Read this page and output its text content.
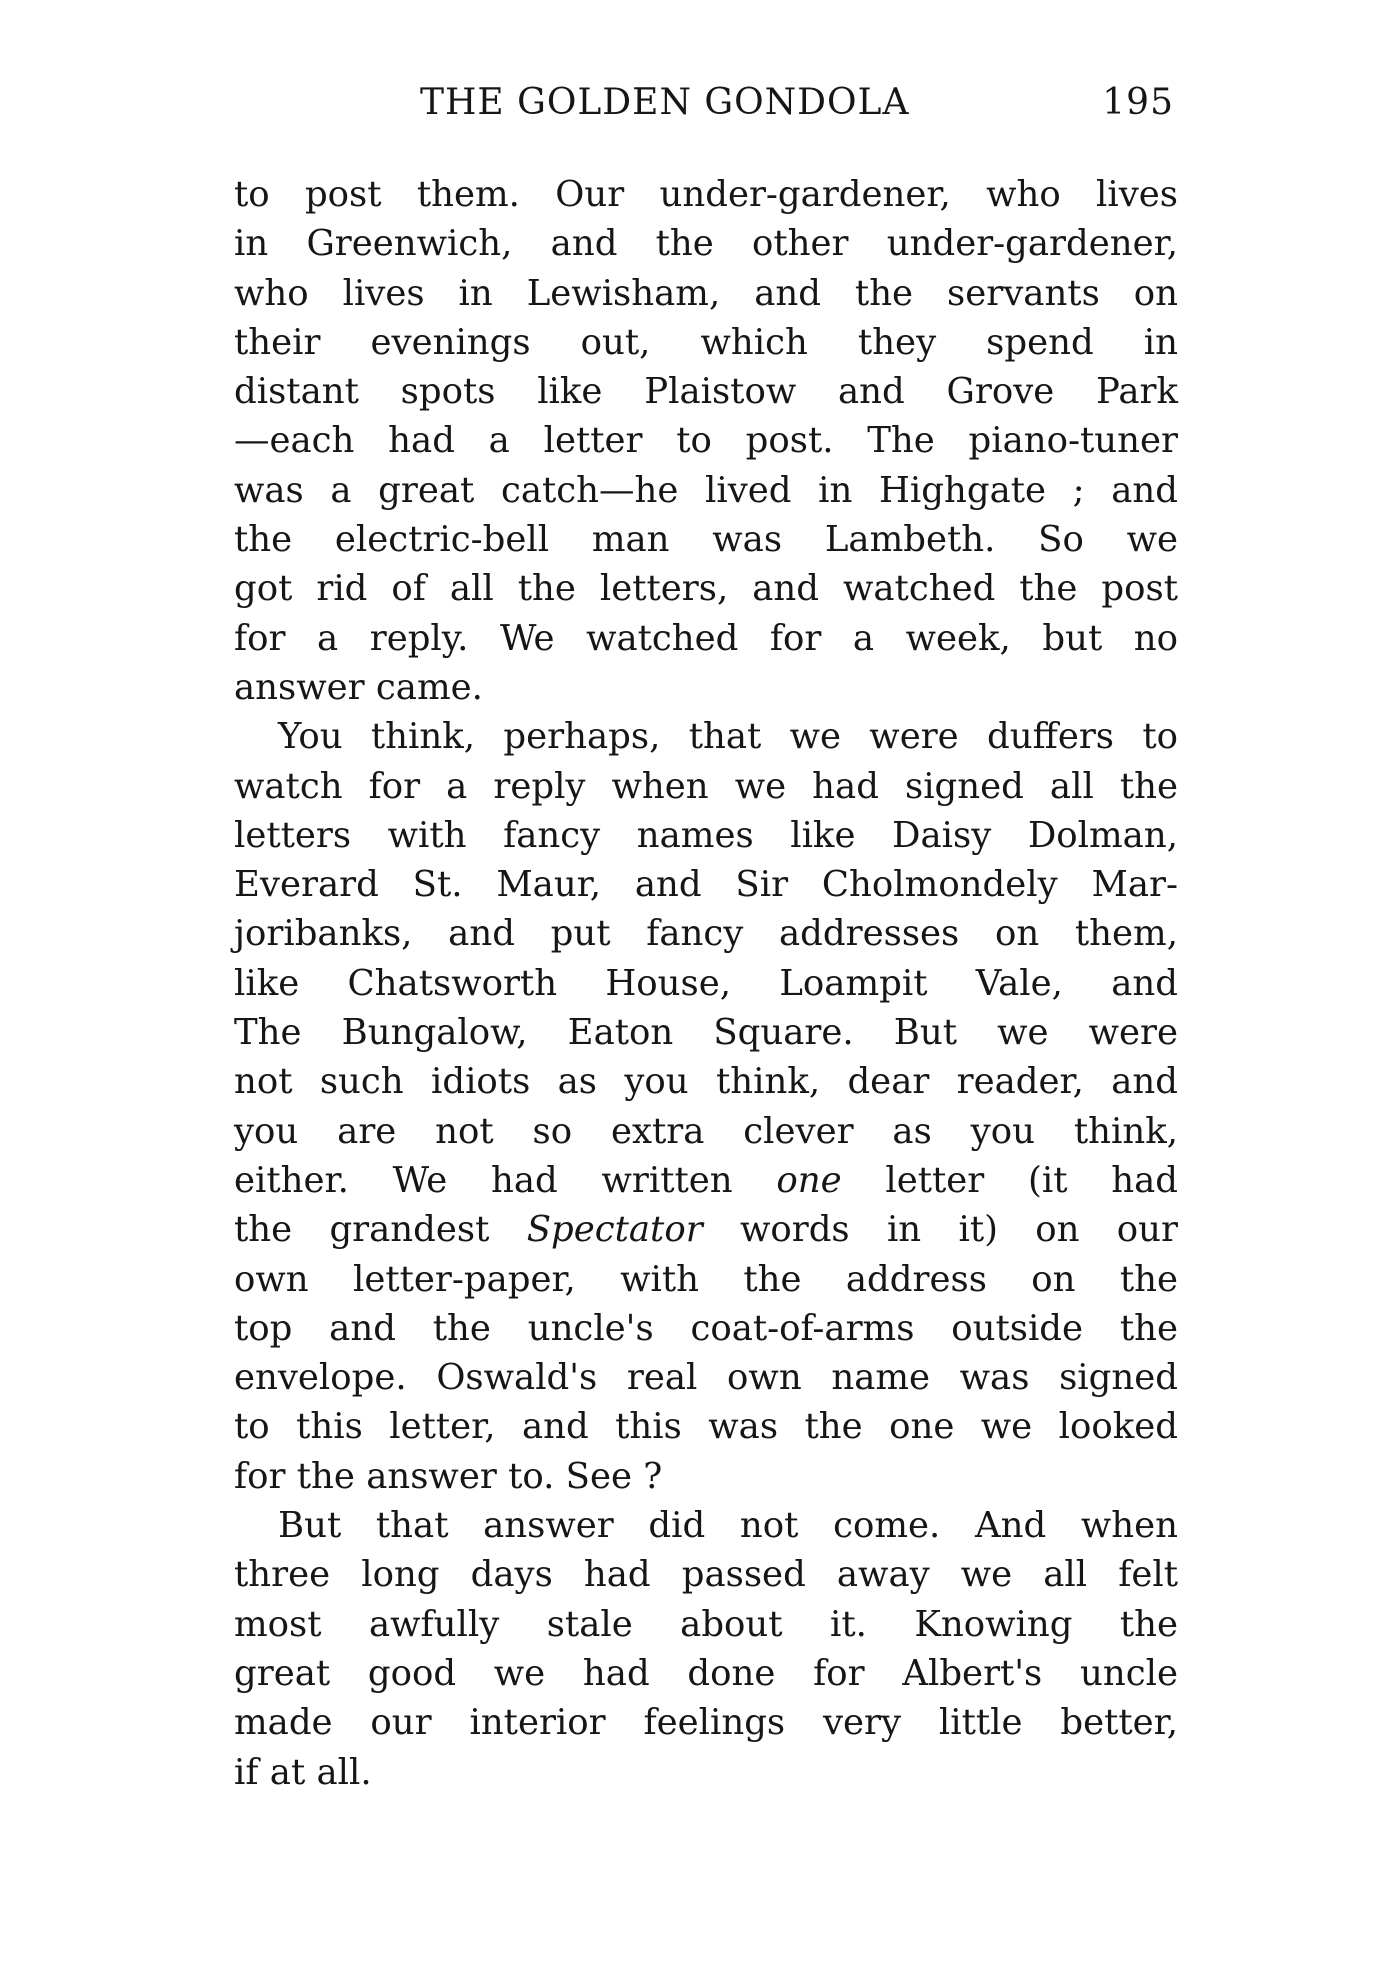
THE GOLDEN GONDOLA	195
to post them. Our under-gardener, who lives
in Greenwich, and the other under-gardener,
who lives in Lewisham, and the servants on
their evenings out, which they spend in
distant spots like Plaistow and Grove Park
—each had a letter to post. The piano-tuner
was a great catch—he lived in Highgate ; and
the electric-bell man was Lambeth. So we
got rid of all the letters, and watched the post
for a reply. We watched for a week, but no
answer came.
You think, perhaps, that we were duffers to
watch for a reply when we had signed all the
letters with fancy names like Daisy Dolman,
Everard St. Maur, and Sir Cholmondely Mar-
joribanks, and put fancy addresses on them,
like Chatsworth House, Loampit Vale, and
The Bungalow, Eaton Square. But we were
not such idiots as you think, dear reader, and
you are not so extra clever as you think,
either. We had written one letter (it had
the grandest Spectator words in it) on our
own letter-paper, with the address on the
top and the uncle's coat-of-arms outside the
envelope. Oswald's real own name was signed
to this letter, and this was the one we looked
for the answer to. See ?
But that answer did not come. And when
three long days had passed away we all felt
most awfully stale about it. Knowing the
great good we had done for Albert's uncle
made our interior feelings very little better,
if at all.
